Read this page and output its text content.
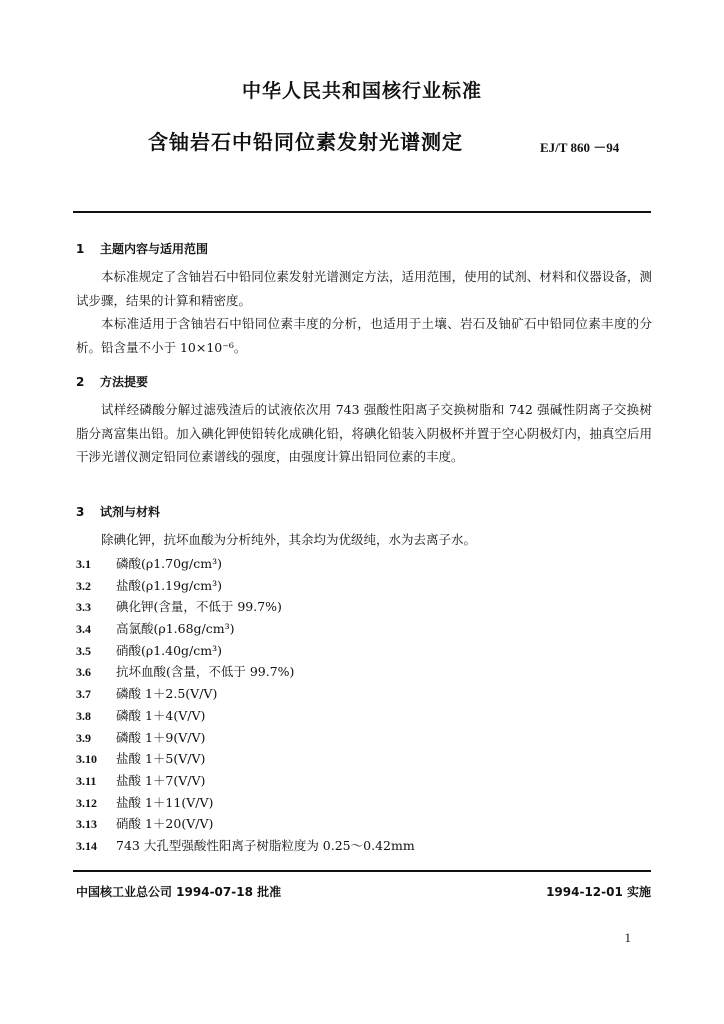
中华人民共和国核行业标准
含铀岩石中铅同位素发射光谱测定	EJ/T 860 －94
1 主题内容与适用范围

本标准规定了含铀岩石中铅同位素发射光谱测定方法，适用范围，使用的试剂、材料和仪器设备，测试步骤，结果的计算和精密度。

本标准适用于含铀岩石中铅同位素丰度的分析，也适用于土壤、岩石及铀矿石中铅同位素丰度的分析。铅含量不小于 10×10⁻⁶。

2 方法提要

试样经磷酸分解过滤残渣后的试液依次用 743 强酸性阳离子交换树脂和 742 强碱性阴离子交换树脂分离富集出铅。加入碘化钾使铅转化成碘化铅，将碘化铅装入阴极杯并置于空心阴极灯内，抽真空后用干涉光谱仪测定铅同位素谱线的强度，由强度计算出铅同位素的丰度。

3 试剂与材料

除碘化钾，抗坏血酸为分析纯外，其余均为优级纯，水为去离子水。

3.1 磷酸(ρ1.70g/cm³)
3.2 盐酸(ρ1.19g/cm³)
3.3 碘化钾(含量，不低于 99.7%)
3.4 高氯酸(ρ1.68g/cm³)
3.5 硝酸(ρ1.40g/cm³)
3.6 抗坏血酸(含量，不低于 99.7%)
3.7 磷酸 1＋2.5(V/V)
3.8 磷酸 1＋4(V/V)
3.9 磷酸 1＋9(V/V)
3.10 盐酸 1＋5(V/V)
3.11 盐酸 1＋7(V/V)
3.12 盐酸 1＋11(V/V)
3.13 硝酸 1＋20(V/V)
3.14 743 大孔型强酸性阳离子树脂粒度为 0.25～0.42mm
中国核工业总公司 1994-07-18 批准	1994-12-01 实施
1
